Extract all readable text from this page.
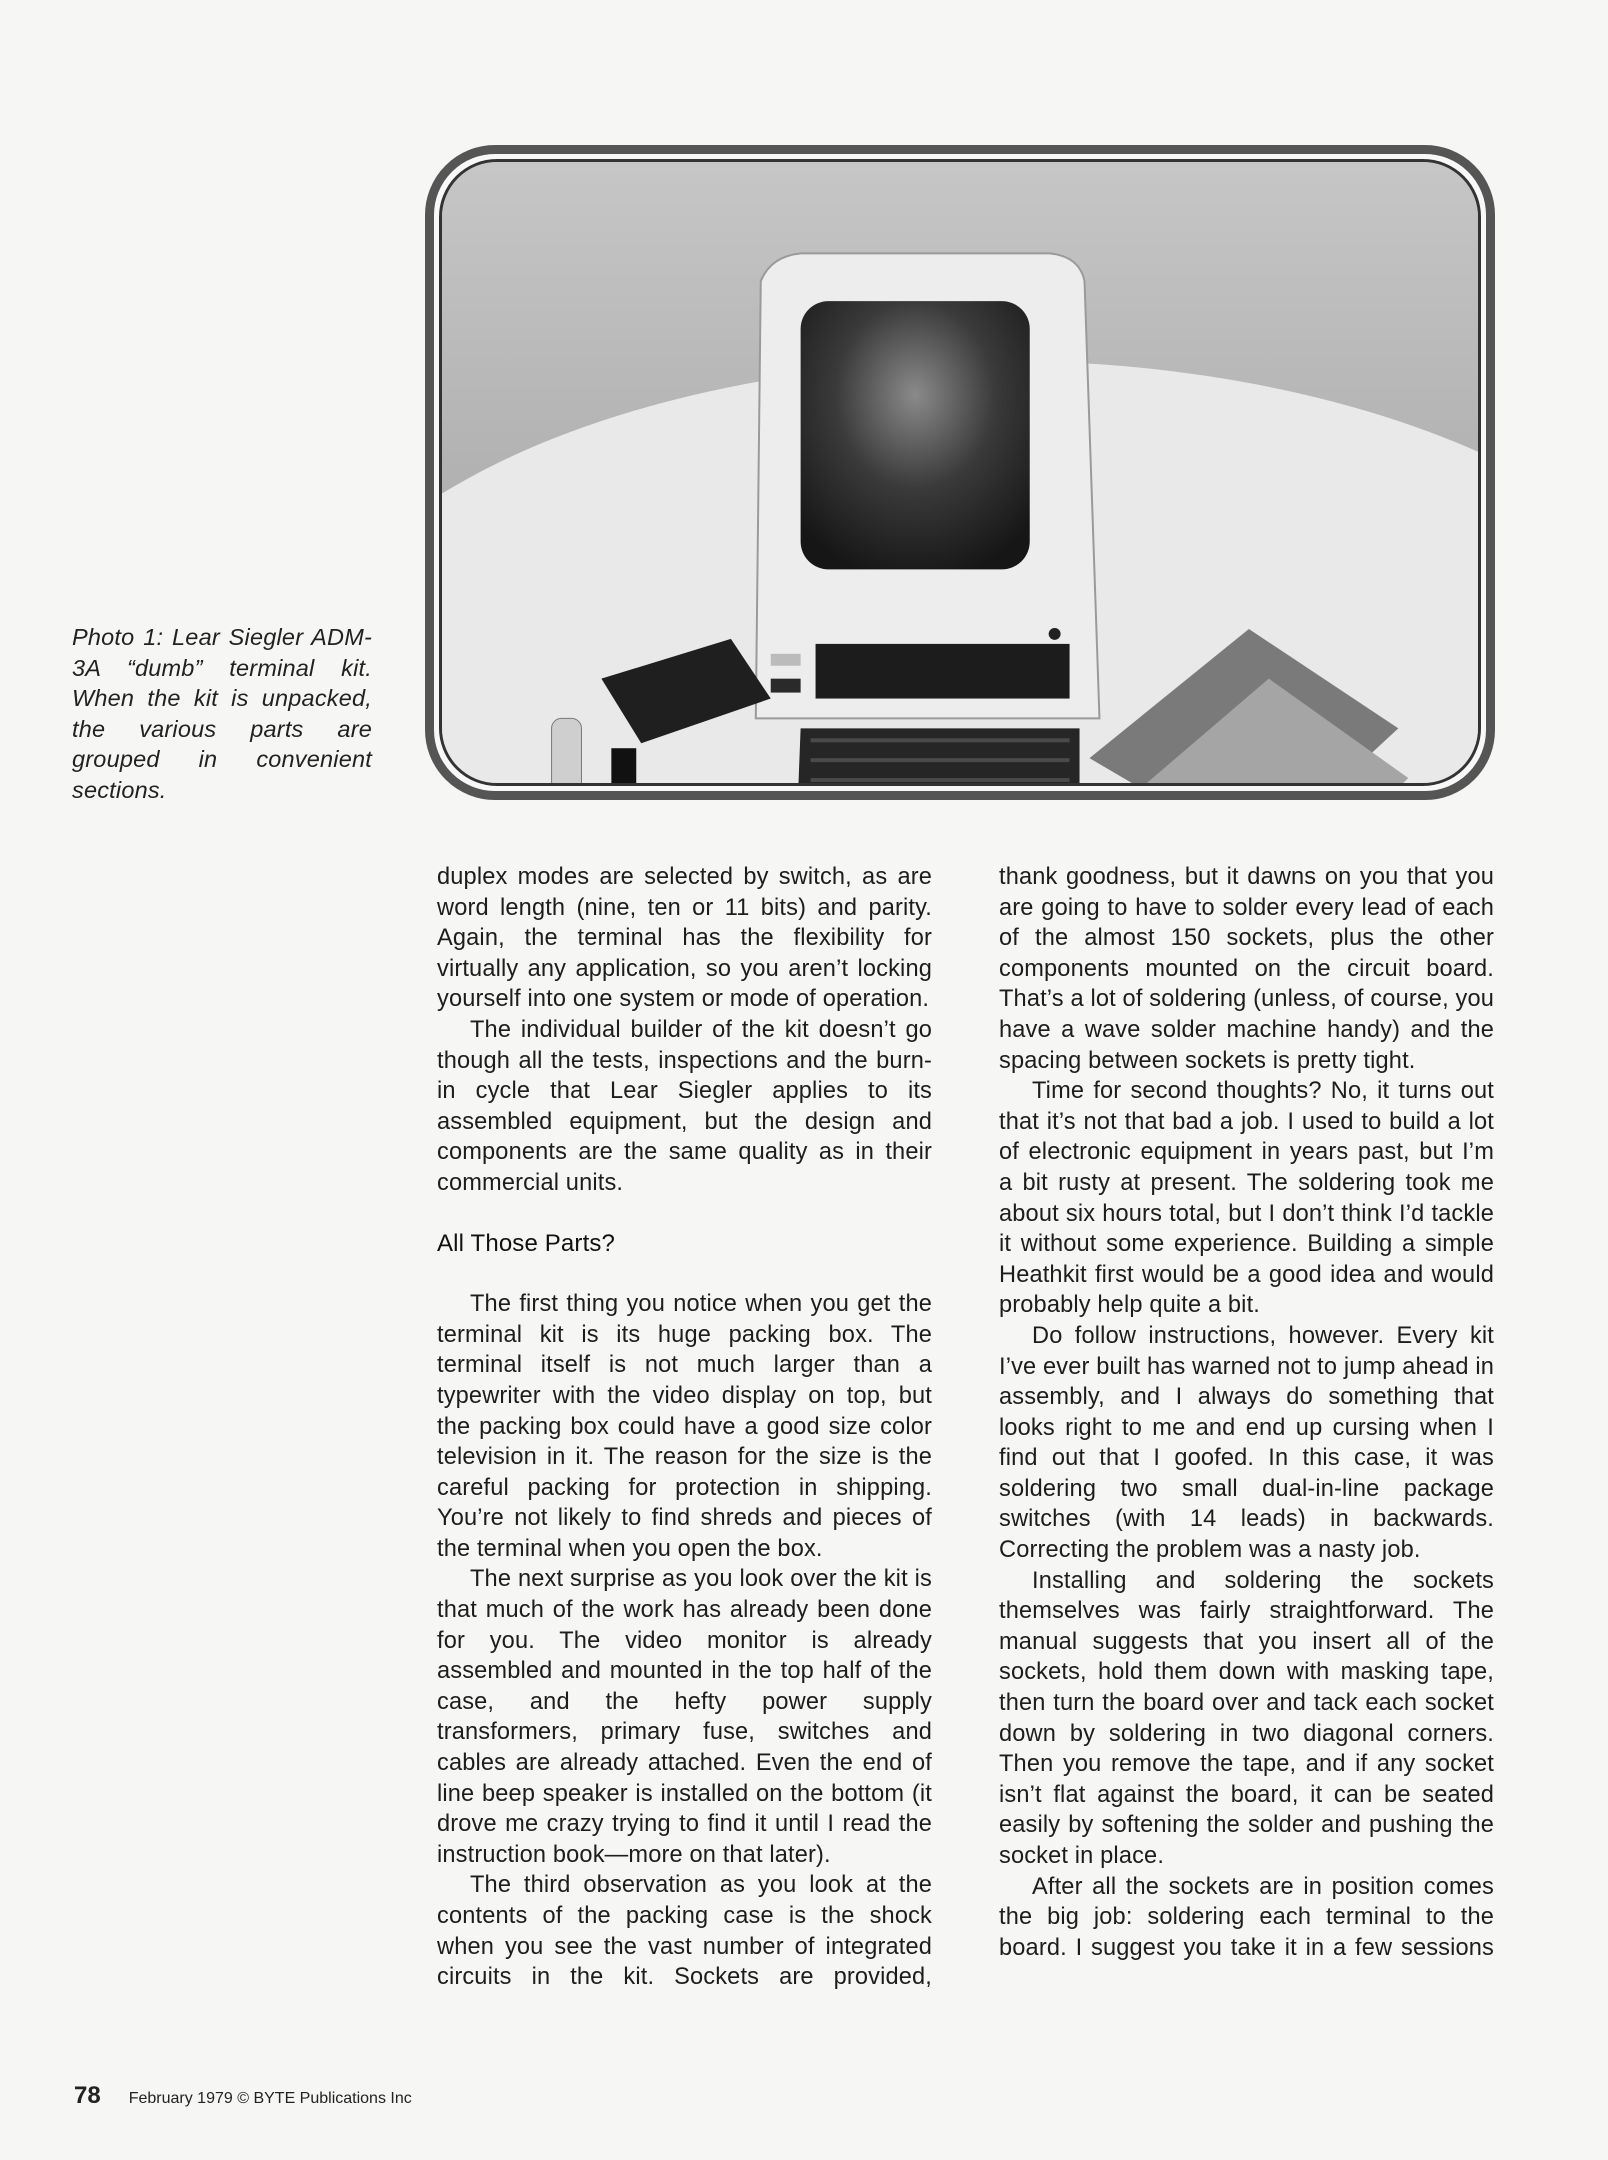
Photo 1: Lear Siegler ADM-3A “dumb” terminal kit. When the kit is unpacked, the various parts are grouped in convenient sections.

duplex modes are selected by switch, as are word length (nine, ten or 11 bits) and parity. Again, the terminal has the flexibility for virtually any application, so you aren’t locking yourself into one system or mode of operation.

The individual builder of the kit doesn’t go though all the tests, inspections and the burn-in cycle that Lear Siegler applies to its assembled equipment, but the design and components are the same quality as in their commercial units.

All Those Parts?

The first thing you notice when you get the terminal kit is its huge packing box. The terminal itself is not much larger than a typewriter with the video display on top, but the packing box could have a good size color television in it. The reason for the size is the careful packing for protection in shipping. You’re not likely to find shreds and pieces of the terminal when you open the box.

The next surprise as you look over the kit is that much of the work has already been done for you. The video monitor is already assembled and mounted in the top half of the case, and the hefty power supply transformers, primary fuse, switches and cables are already attached. Even the end of line beep speaker is installed on the bottom (it drove me crazy trying to find it until I read the instruction book—more on that later).

The third observation as you look at the contents of the packing case is the shock when you see the vast number of integrated circuits in the kit. Sockets are provided,

thank goodness, but it dawns on you that you are going to have to solder every lead of each of the almost 150 sockets, plus the other components mounted on the circuit board. That’s a lot of soldering (unless, of course, you have a wave solder machine handy) and the spacing between sockets is pretty tight.

Time for second thoughts? No, it turns out that it’s not that bad a job. I used to build a lot of electronic equipment in years past, but I’m a bit rusty at present. The soldering took me about six hours total, but I don’t think I’d tackle it without some experience. Building a simple Heathkit first would be a good idea and would probably help quite a bit.

Do follow instructions, however. Every kit I’ve ever built has warned not to jump ahead in assembly, and I always do something that looks right to me and end up cursing when I find out that I goofed. In this case, it was soldering two small dual-in-line package switches (with 14 leads) in backwards. Correcting the problem was a nasty job.

Installing and soldering the sockets themselves was fairly straightforward. The manual suggests that you insert all of the sockets, hold them down with masking tape, then turn the board over and tack each socket down by soldering in two diagonal corners. Then you remove the tape, and if any socket isn’t flat against the board, it can be seated easily by softening the solder and pushing the socket in place.

After all the sockets are in position comes the big job: soldering each terminal to the board. I suggest you take it in a few sessions

78 February 1979 © BYTE Publications Inc
